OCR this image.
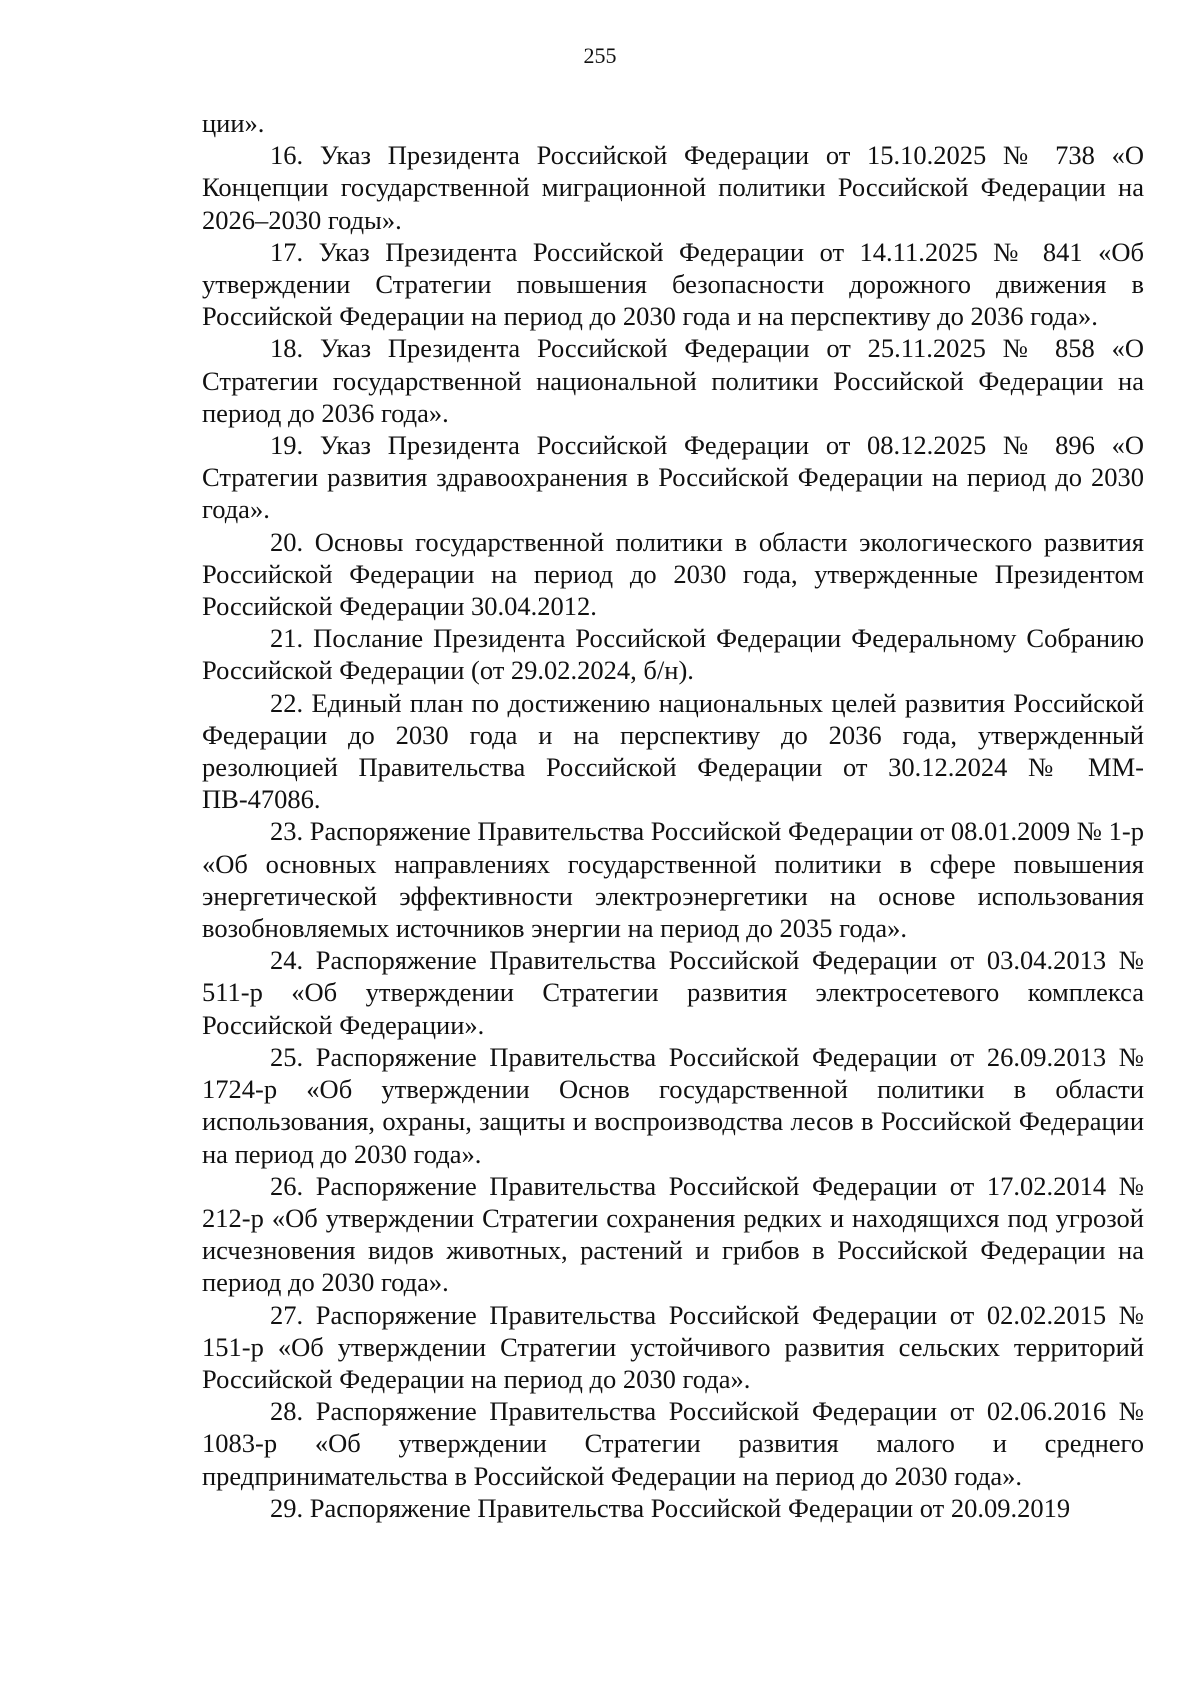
255

ции».

16. Указ Президента Российской Федерации от 15.10.2025 № 738 «О Концепции государственной миграционной политики Российской Федерации на 2026–2030 годы».

17. Указ Президента Российской Федерации от 14.11.2025 № 841 «Об утверждении Стратегии повышения безопасности дорожного движения в Российской Федерации на период до 2030 года и на перспективу до 2036 года».

18. Указ Президента Российской Федерации от 25.11.2025 № 858 «О Стратегии государственной национальной политики Российской Федерации на период до 2036 года».

19. Указ Президента Российской Федерации от 08.12.2025 № 896 «О Стратегии развития здравоохранения в Российской Федерации на период до 2030 года».

20. Основы государственной политики в области экологического развития Российской Федерации на период до 2030 года, утвержденные Президентом Российской Федерации 30.04.2012.

21. Послание Президента Российской Федерации Федеральному Собранию Российской Федерации (от 29.02.2024, б/н).

22. Единый план по достижению национальных целей развития Российской Федерации до 2030 года и на перспективу до 2036 года, утвержденный резолюцией Правительства Российской Федерации от 30.12.2024 № ММ-ПВ-47086.

23. Распоряжение Правительства Российской Федерации от 08.01.2009 № 1-р «Об основных направлениях государственной политики в сфере повышения энергетической эффективности электроэнергетики на основе использования возобновляемых источников энергии на период до 2035 года».

24. Распоряжение Правительства Российской Федерации от 03.04.2013 № 511-р «Об утверждении Стратегии развития электросетевого комплекса Российской Федерации».

25. Распоряжение Правительства Российской Федерации от 26.09.2013 № 1724-р «Об утверждении Основ государственной политики в области использования, охраны, защиты и воспроизводства лесов в Российской Федерации на период до 2030 года».

26. Распоряжение Правительства Российской Федерации от 17.02.2014 № 212-р «Об утверждении Стратегии сохранения редких и находящихся под угрозой исчезновения видов животных, растений и грибов в Российской Федерации на период до 2030 года».

27. Распоряжение Правительства Российской Федерации от 02.02.2015 № 151-р «Об утверждении Стратегии устойчивого развития сельских территорий Российской Федерации на период до 2030 года».

28. Распоряжение Правительства Российской Федерации от 02.06.2016 № 1083-р «Об утверждении Стратегии развития малого и среднего предпринимательства в Российской Федерации на период до 2030 года».

29. Распоряжение Правительства Российской Федерации от 20.09.2019
